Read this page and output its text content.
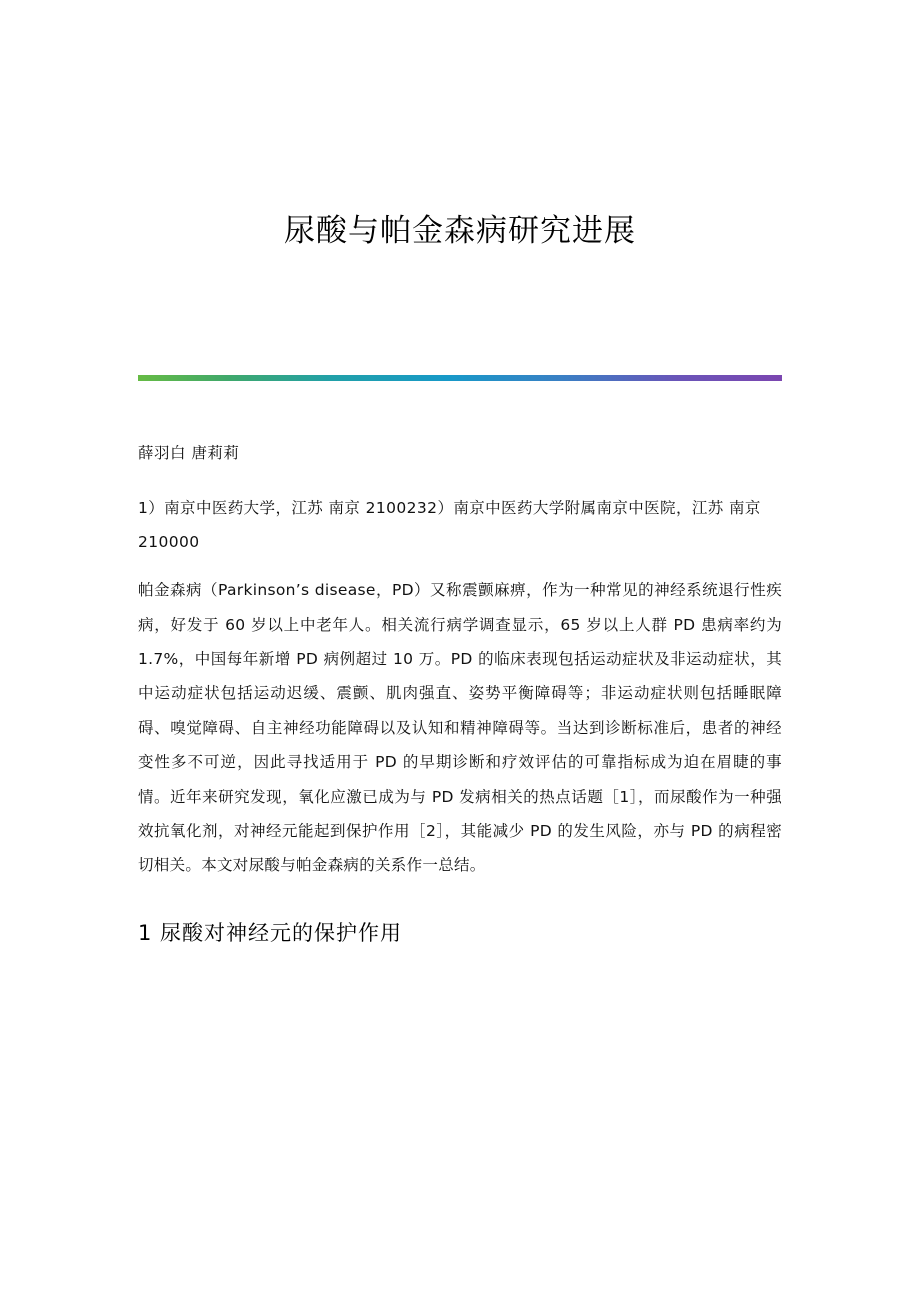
尿酸与帕金森病研究进展

薛羽白 唐莉莉

1）南京中医药大学，江苏 南京 2100232）南京中医药大学附属南京中医院，江苏 南京 210000

帕金森病（Parkinson’s disease，PD）又称震颤麻痹，作为一种常见的神经系统退行性疾病，好发于 60 岁以上中老年人。相关流行病学调查显示，65 岁以上人群 PD 患病率约为 1.7%，中国每年新增 PD 病例超过 10 万。PD 的临床表现包括运动症状及非运动症状，其中运动症状包括运动迟缓、震颤、肌肉强直、姿势平衡障碍等；非运动症状则包括睡眠障碍、嗅觉障碍、自主神经功能障碍以及认知和精神障碍等。当达到诊断标准后，患者的神经变性多不可逆，因此寻找适用于 PD 的早期诊断和疗效评估的可靠指标成为迫在眉睫的事情。近年来研究发现，氧化应激已成为与 PD 发病相关的热点话题［1］，而尿酸作为一种强效抗氧化剂，对神经元能起到保护作用［2］，其能减少 PD 的发生风险，亦与 PD 的病程密切相关。本文对尿酸与帕金森病的关系作一总结。

1 尿酸对神经元的保护作用
